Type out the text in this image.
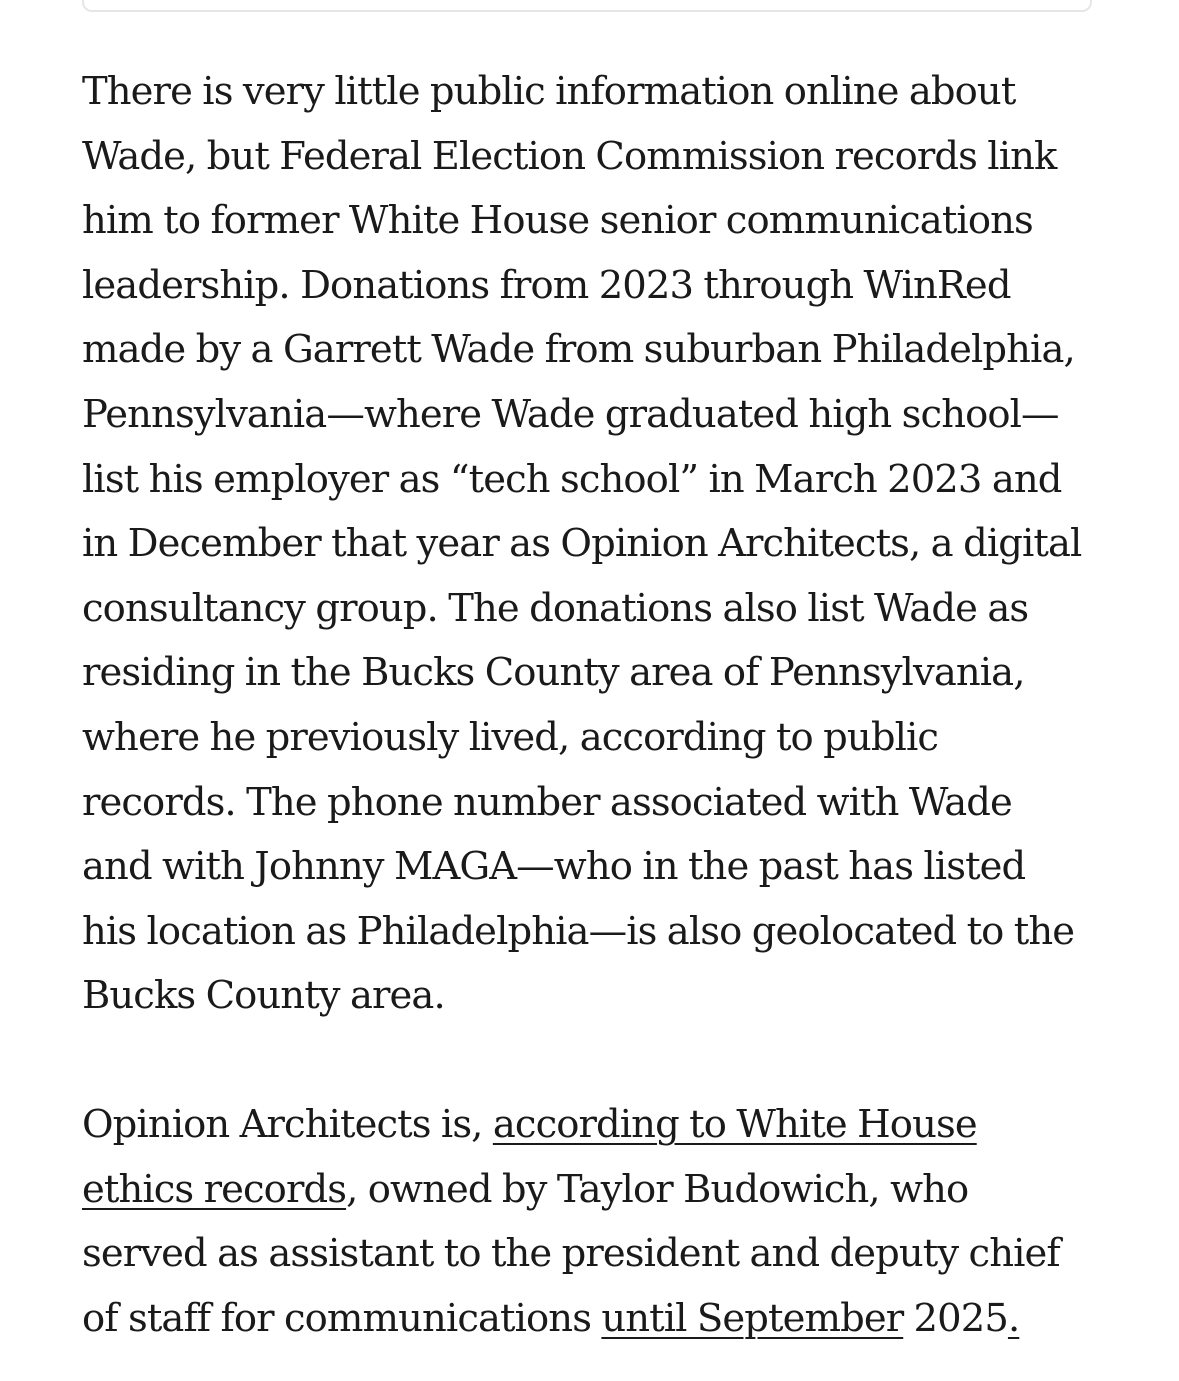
There is very little public information online about
Wade, but Federal Election Commission records link
him to former White House senior communications
leadership. Donations from 2023 through WinRed
made by a Garrett Wade from suburban Philadelphia,
Pennsylvania—where Wade graduated high school—
list his employer as “tech school” in March 2023 and
in December that year as Opinion Architects, a digital
consultancy group. The donations also list Wade as
residing in the Bucks County area of Pennsylvania,
where he previously lived, according to public
records. The phone number associated with Wade
and with Johnny MAGA—who in the past has listed
his location as Philadelphia—is also geolocated to the
Bucks County area.

Opinion Architects is, according to White House
ethics records, owned by Taylor Budowich, who
served as assistant to the president and deputy chief
of staff for communications until September 2025.
